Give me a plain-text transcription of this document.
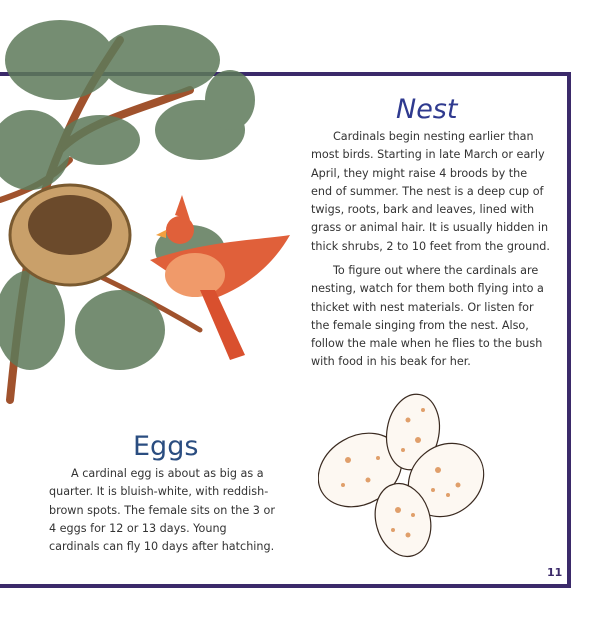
Nest

Cardinals begin nesting earlier than most birds. Starting in late March or early April, they might raise 4 broods by the end of summer. The nest is a deep cup of twigs, roots, bark and leaves, lined with grass or animal hair. It is usually hidden in thick shrubs, 2 to 10 feet from the ground.

To figure out where the cardinals are nesting, watch for them both flying into a thicket with nest materials. Or listen for the female singing from the nest. Also, follow the male when he flies to the bush with food in his beak for her.

Eggs

A cardinal egg is about as big as a quarter. It is bluish-white, with reddish-brown spots. The female sits on the 3 or 4 eggs for 12 or 13 days. Young cardinals can fly 10 days after hatching.

11
